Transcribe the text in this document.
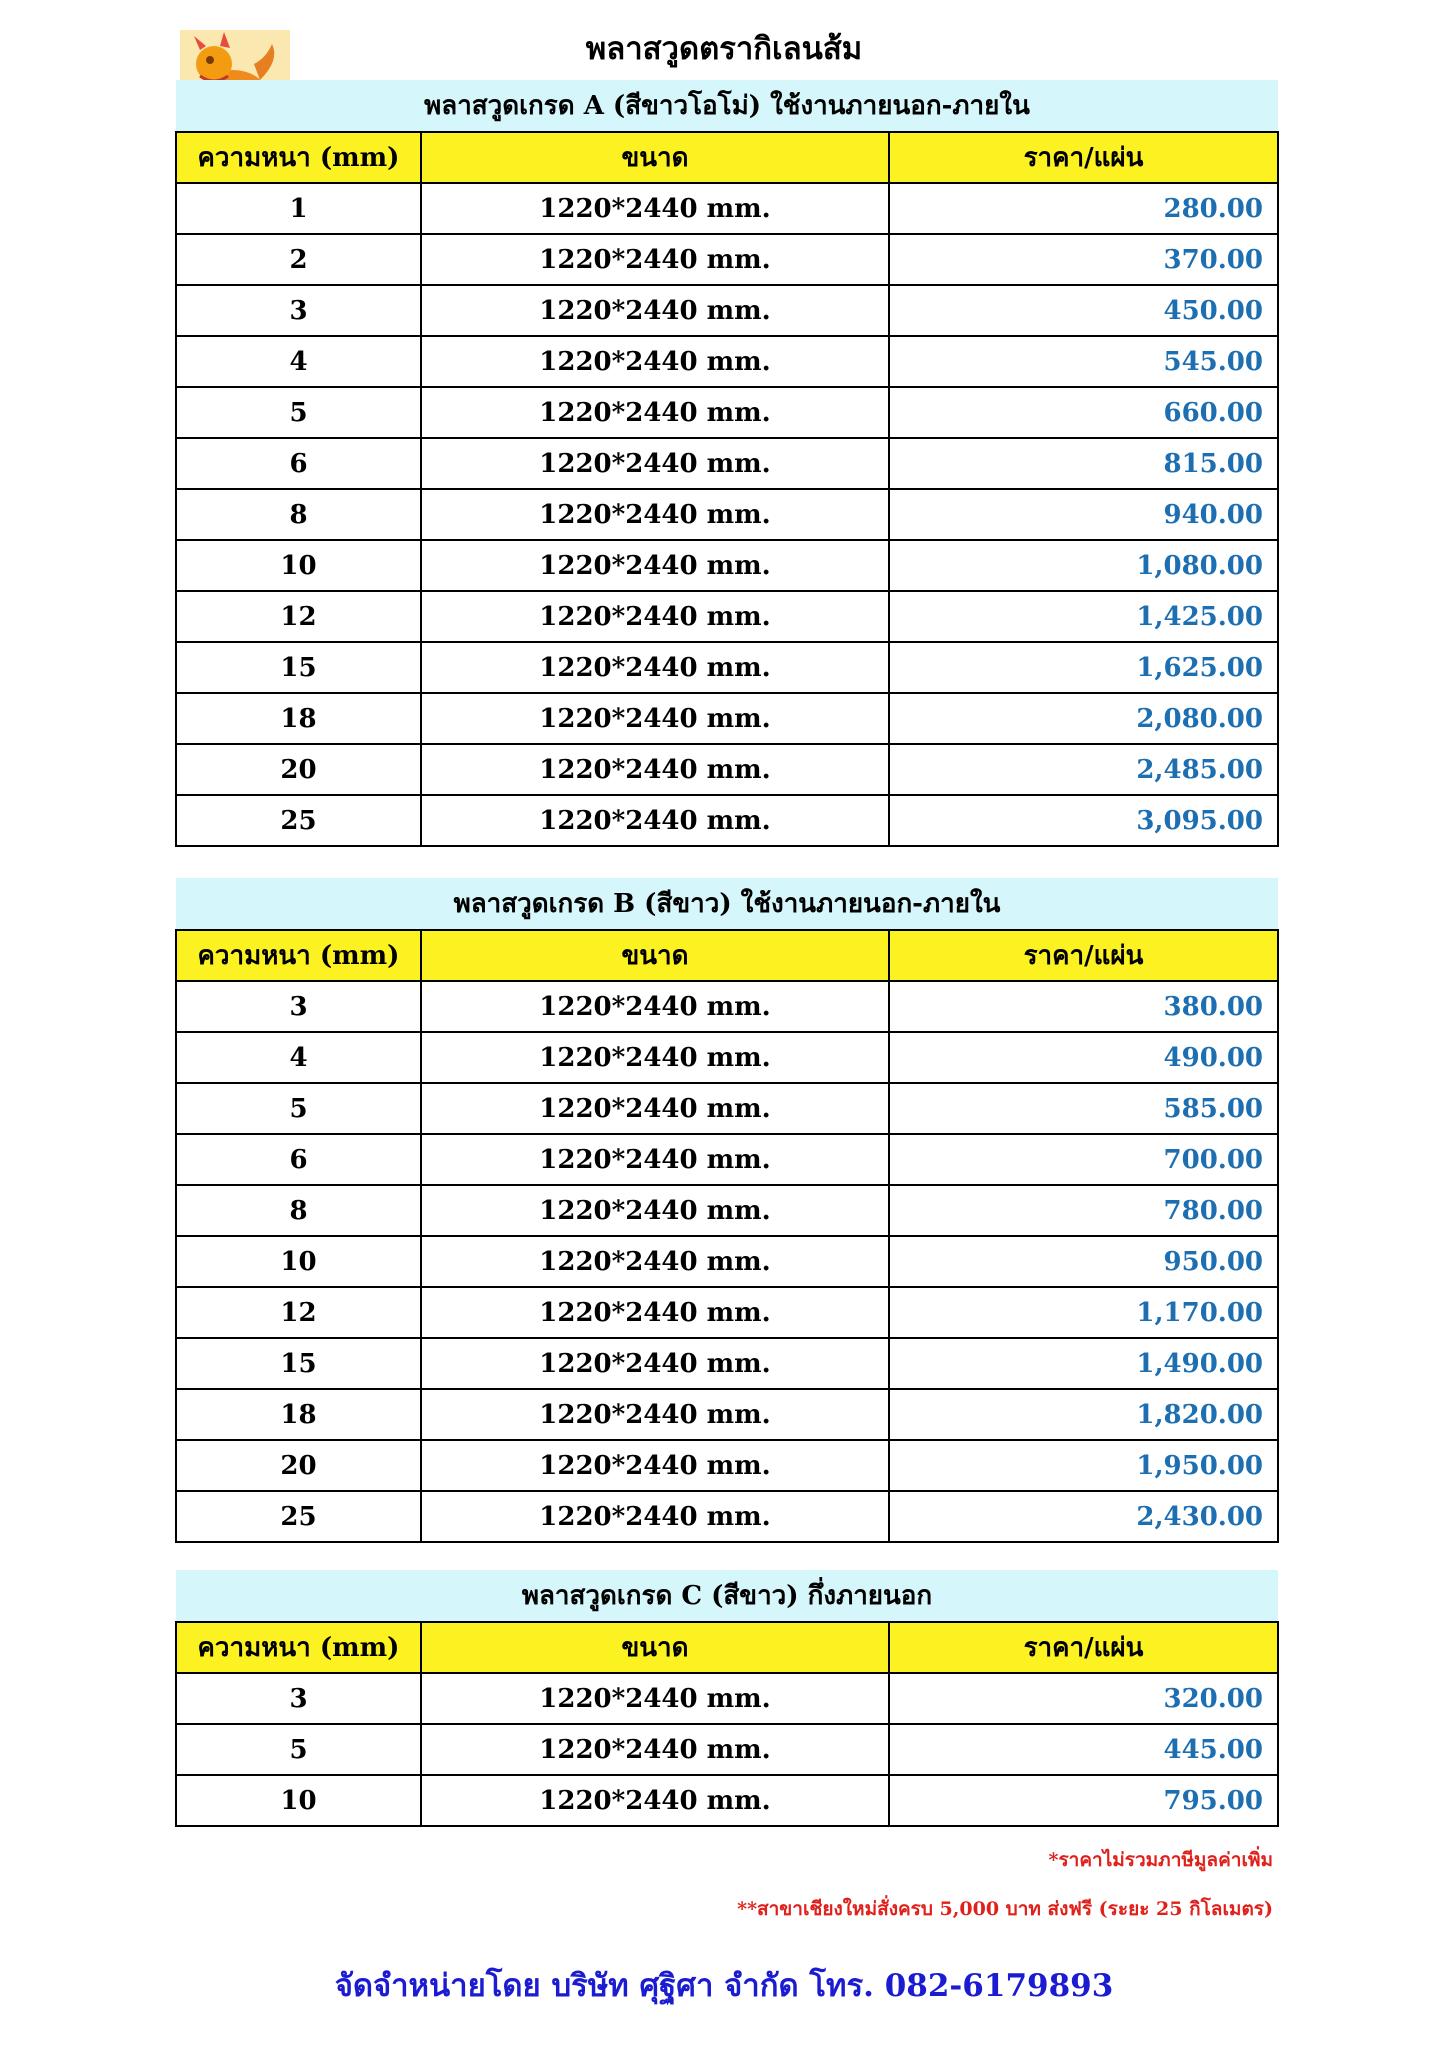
พลาสวูดตรากิเลนส้ม
พลาสวูดเกรด A (สีขาวโอโม่) ใช้งานภายนอก-ภายใน		
ความหนา (mm)	ขนาด	ราคา/แผ่น
1	1220*2440 mm.	280.00
2	1220*2440 mm.	370.00
3	1220*2440 mm.	450.00
4	1220*2440 mm.	545.00
5	1220*2440 mm.	660.00
6	1220*2440 mm.	815.00
8	1220*2440 mm.	940.00
10	1220*2440 mm.	1,080.00
12	1220*2440 mm.	1,425.00
15	1220*2440 mm.	1,625.00
18	1220*2440 mm.	2,080.00
20	1220*2440 mm.	2,485.00
25	1220*2440 mm.	3,095.00
พลาสวูดเกรด B (สีขาว) ใช้งานภายนอก-ภายใน		
ความหนา (mm)	ขนาด	ราคา/แผ่น
3	1220*2440 mm.	380.00
4	1220*2440 mm.	490.00
5	1220*2440 mm.	585.00
6	1220*2440 mm.	700.00
8	1220*2440 mm.	780.00
10	1220*2440 mm.	950.00
12	1220*2440 mm.	1,170.00
15	1220*2440 mm.	1,490.00
18	1220*2440 mm.	1,820.00
20	1220*2440 mm.	1,950.00
25	1220*2440 mm.	2,430.00
พลาสวูดเกรด C (สีขาว) กึ่งภายนอก		
ความหนา (mm)	ขนาด	ราคา/แผ่น
3	1220*2440 mm.	320.00
5	1220*2440 mm.	445.00
10	1220*2440 mm.	795.00
*ราคาไม่รวมภาษีมูลค่าเพิ่ม
**สาขาเชียงใหม่สั่งครบ 5,000 บาท ส่งฟรี (ระยะ 25 กิโลเมตร)
จัดจำหน่ายโดย บริษัท ศุฐิศา จำกัด โทร. 082-6179893
